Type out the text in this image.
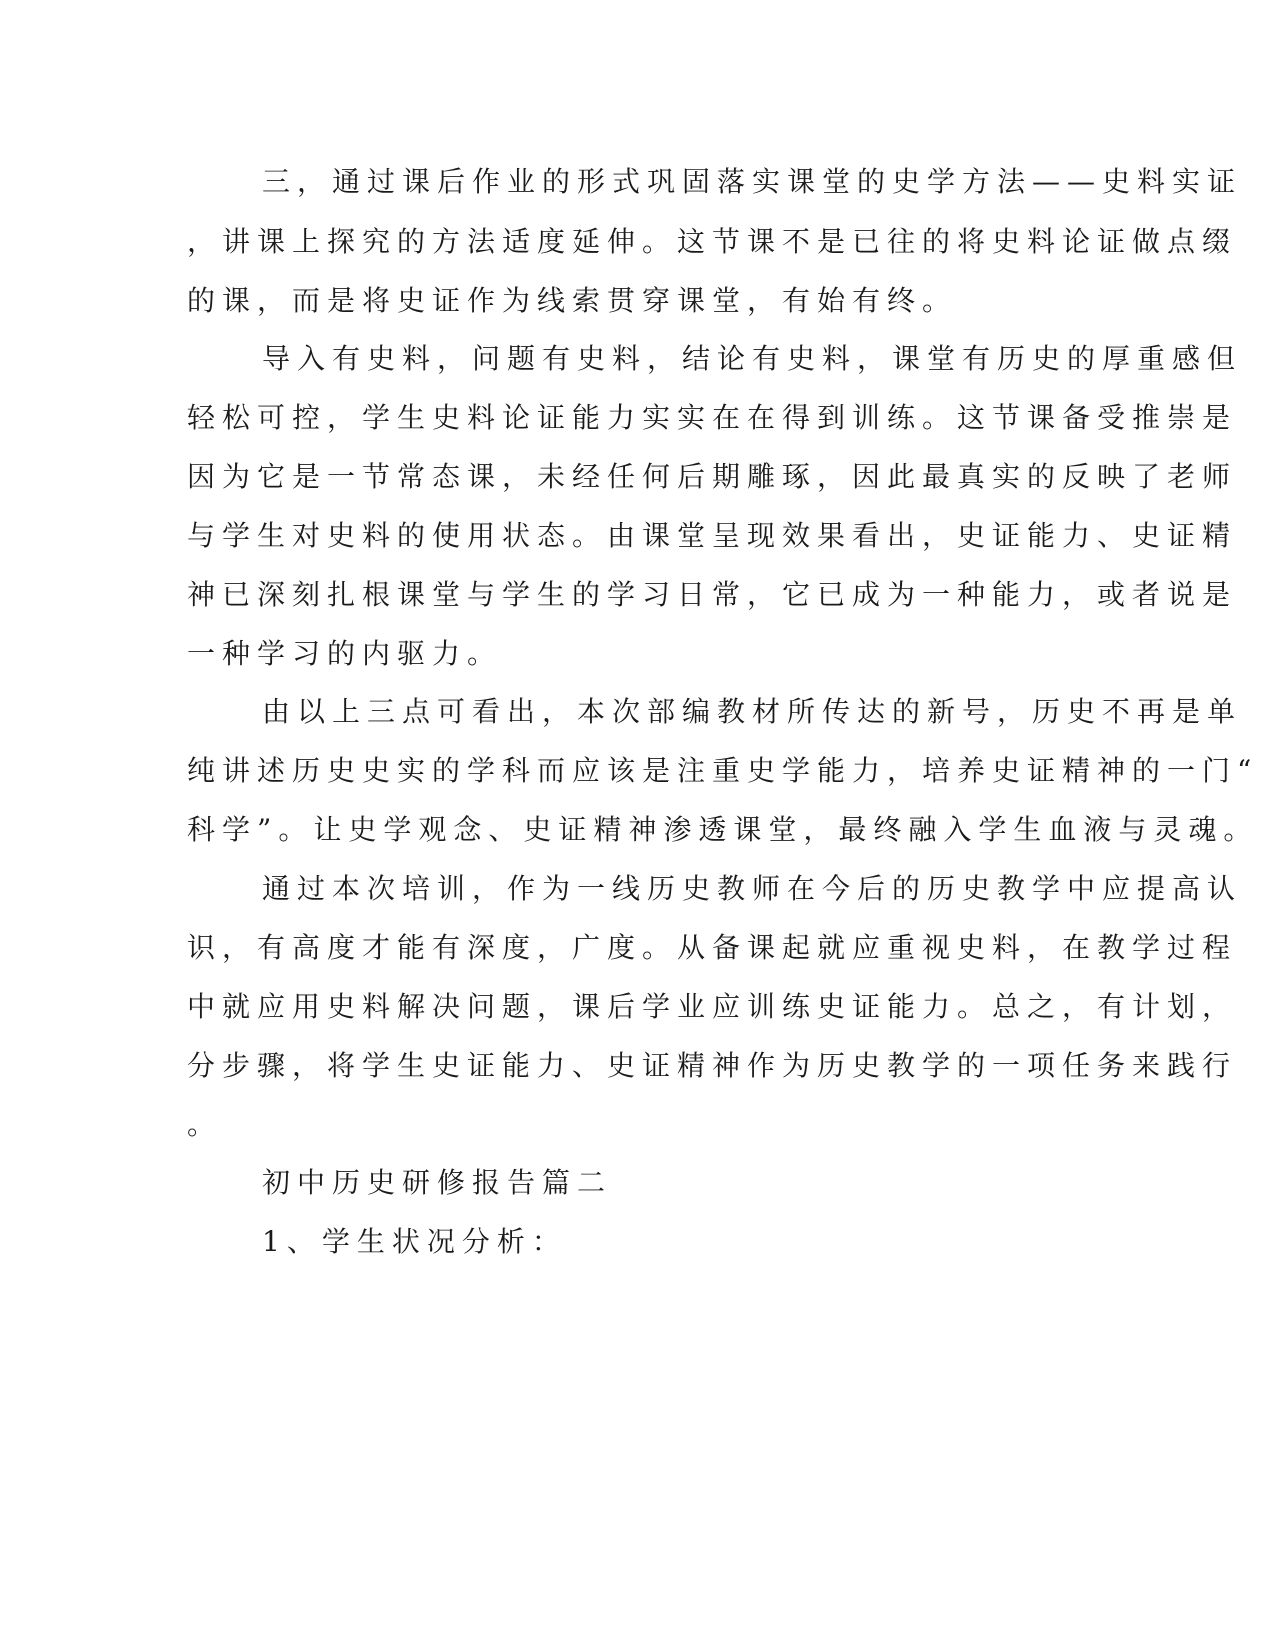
三，通过课后作业的形式巩固落实课堂的史学方法——史料实证
，讲课上探究的方法适度延伸。这节课不是已往的将史料论证做点缀
的课，而是将史证作为线索贯穿课堂，有始有终。
导入有史料，问题有史料，结论有史料，课堂有历史的厚重感但
轻松可控，学生史料论证能力实实在在得到训练。这节课备受推崇是
因为它是一节常态课，未经任何后期雕琢，因此最真实的反映了老师
与学生对史料的使用状态。由课堂呈现效果看出，史证能力、史证精
神已深刻扎根课堂与学生的学习日常，它已成为一种能力，或者说是
一种学习的内驱力。
由以上三点可看出，本次部编教材所传达的新号，历史不再是单
纯讲述历史史实的学科而应该是注重史学能力，培养史证精神的一门“
科学”。让史学观念、史证精神渗透课堂，最终融入学生血液与灵魂。
通过本次培训，作为一线历史教师在今后的历史教学中应提高认
识，有高度才能有深度，广度。从备课起就应重视史料，在教学过程
中就应用史料解决问题，课后学业应训练史证能力。总之，有计划，
分步骤，将学生史证能力、史证精神作为历史教学的一项任务来践行
。
初中历史研修报告篇二
1、学生状况分析：
